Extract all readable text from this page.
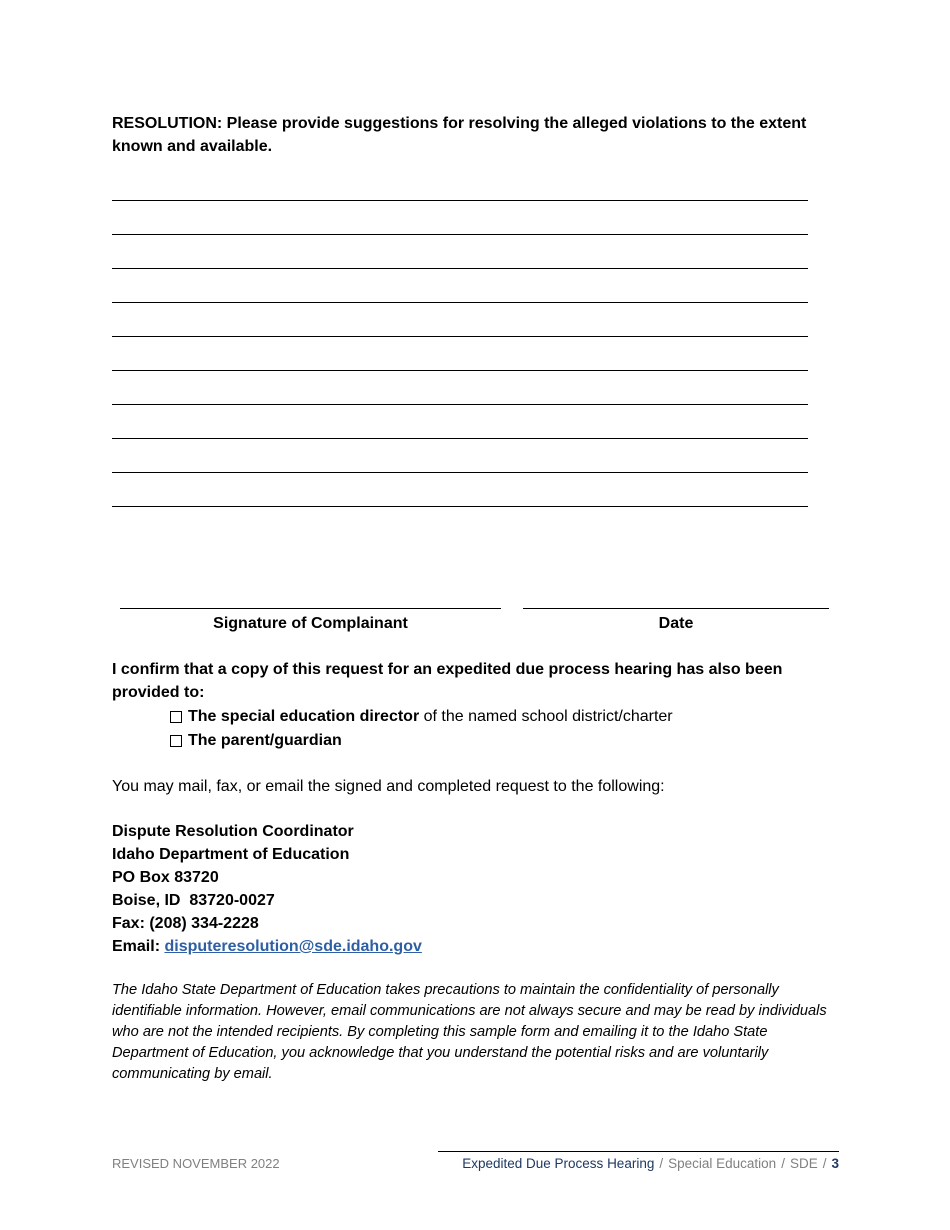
RESOLUTION: Please provide suggestions for resolving the alleged violations to the extent known and available.
Signature of Complainant	Date
I confirm that a copy of this request for an expedited due process hearing has also been provided to:
The special education director of the named school district/charter
The parent/guardian
You may mail, fax, or email the signed and completed request to the following:
Dispute Resolution Coordinator
Idaho Department of Education
PO Box 83720
Boise, ID  83720-0027
Fax: (208) 334-2228
Email: disputeresolution@sde.idaho.gov
The Idaho State Department of Education takes precautions to maintain the confidentiality of personally identifiable information. However, email communications are not always secure and may be read by individuals who are not the intended recipients. By completing this sample form and emailing it to the Idaho State Department of Education, you acknowledge that you understand the potential risks and are voluntarily communicating by email.
REVISED NOVEMBER 2022	Expedited Due Process Hearing / Special Education / SDE / 3
